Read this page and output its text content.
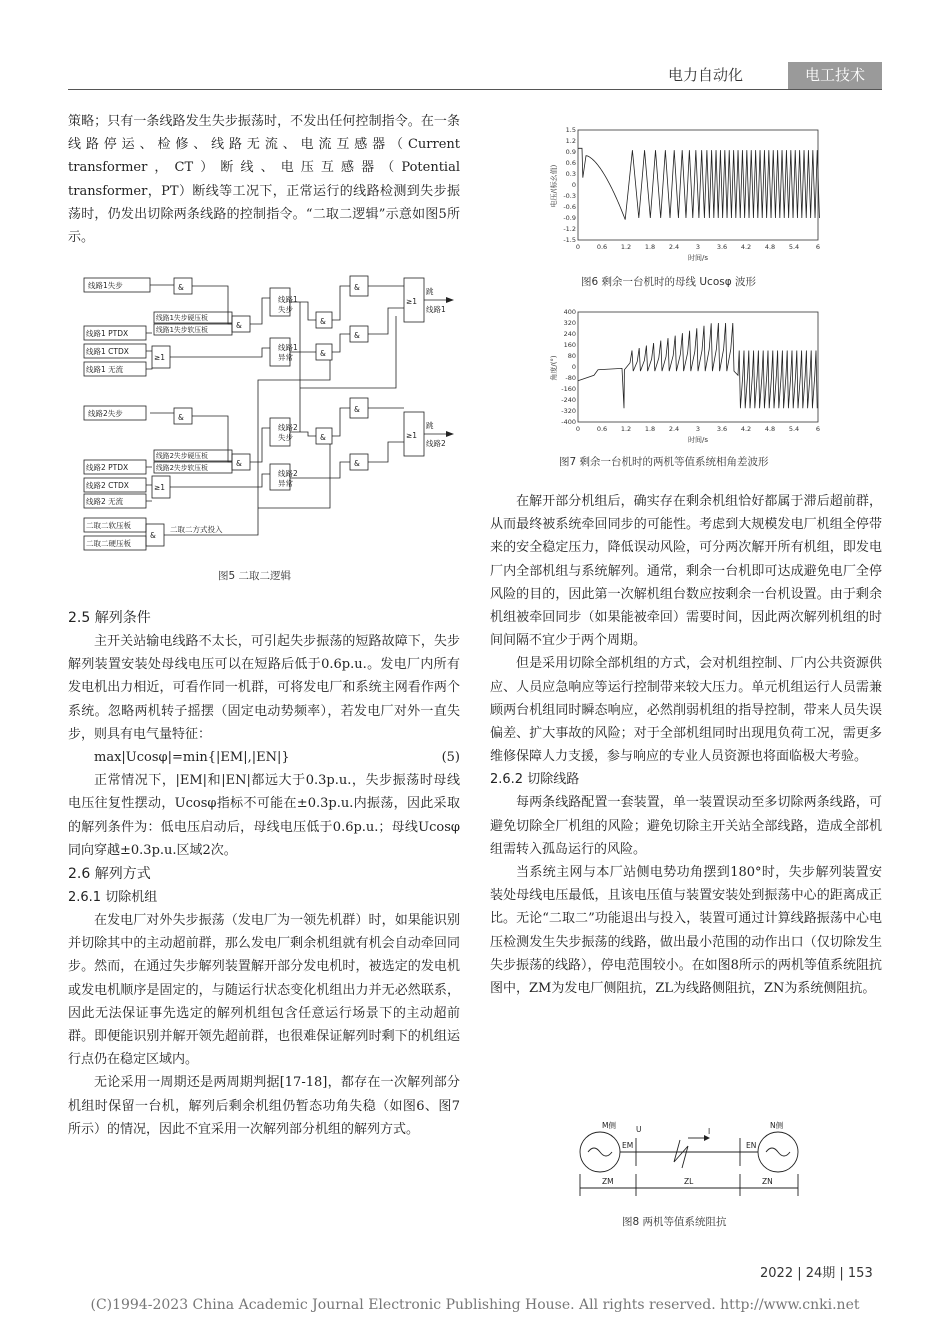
电力自动化	电工技术

策略；只有一条线路发生失步振荡时，不发出任何控制指令。在一条线路停运、检修、线路无流、电流互感器（Current transformer，CT）断线、电压互感器（Potential transformer，PT）断线等工况下，正常运行的线路检测到失步振荡时，仍发出切除两条线路的控制指令。“二取二逻辑”示意如图5所示。

线路1失步
线路1 PTDX
线路1 CTDX
线路1 无流
线路1失步硬压板
线路1失步软压板
线路1
失步
线路1
异常
跳
线路1
线路2失步
线路2 PTDX
线路2 CTDX
线路2 无流
线路2失步硬压板
线路2失步软压板
线路2
失步
线路2
异常
跳
线路2
二取二软压板
二取二硬压板
二取二方式投入
&
≥1
&	&
&
&
&
≥1
&
≥1
&
&
&
&
≥1
&
图5 二取二逻辑

2.5 解列条件

主开关站输电线路不太长，可引起失步振荡的短路故障下，失步解列装置安装处母线电压可以在短路后低于0.6p.u.。发电厂内所有发电机出力相近，可看作同一机群，可将发电厂和系统主网看作两个系统。忽略两机转子摇摆（固定电动势频率），若发电厂对外一直失步，则具有电气量特征：

max|Ucosφ|=min{|EM|,|EN|}	(5)

正常情况下，|EM|和|EN|都远大于0.3p.u.，失步振荡时母线电压往复性摆动，Ucosφ指标不可能在±0.3p.u.内振荡，因此采取的解列条件为：低电压启动后，母线电压低于0.6p.u.；母线Ucosφ同向穿越±0.3p.u.区域2次。

2.6 解列方式

2.6.1 切除机组

在发电厂对外失步振荡（发电厂为一领先机群）时，如果能识别并切除其中的主动超前群，那么发电厂剩余机组就有机会自动牵回同步。然而，在通过失步解列装置解开部分发电机时，被选定的发电机或发电机顺序是固定的，与随运行状态变化机组出力并无必然联系，因此无法保证事先选定的解列机组包含任意运行场景下的主动超前群。即便能识别并解开领先超前群，也很难保证解列时剩下的机组运行点仍在稳定区域内。

无论采用一周期还是两周期判据[17-18]，都存在一次解列部分机组时保留一台机，解列后剩余机组仍暂态功角失稳（如图6、图7所示）的情况，因此不宜采用一次解列部分机组的解列方式。

1.5
1.2
0.9
0.6
0.3
0
-0.3
-0.6
-0.9
-1.2
-1.5
0	0.6 1.2 1.8 2.4	3	3.6 4.2 4.8 5.4	6
电压/(标幺值)
时间/s
图6 剩余一台机时的母线 Ucosφ 波形
400
320
240
160
80
0
-80
-160
-240
-320
-400
0	0.6 1.2 1.8 2.4	3	3.6 4.2 4.8 5.4	6
角度/(°)
时间/s
图7 剩余一台机时的两机等值系统相角差波形

在解开部分机组后，确实存在剩余机组恰好都属于滞后超前群，从而最终被系统牵回同步的可能性。考虑到大规模发电厂机组全停带来的安全稳定压力，降低误动风险，可分两次解开所有机组，即发电厂内全部机组与系统解列。通常，剩余一台机即可达成避免电厂全停风险的目的，因此第一次解机组台数应按剩余一台机设置。由于剩余机组被牵回同步（如果能被牵回）需要时间，因此两次解列机组的时间间隔不宜少于两个周期。

但是采用切除全部机组的方式，会对机组控制、厂内公共资源供应、人员应急响应等运行控制带来较大压力。单元机组运行人员需兼顾两台机组同时瞬态响应，必然削弱机组的指导控制，带来人员失误偏差、扩大事故的风险；对于全部机组同时出现甩负荷工况，需更多维修保障人力支援，参与响应的专业人员资源也将面临极大考验。

2.6.2 切除线路

每两条线路配置一套装置，单一装置误动至多切除两条线路，可避免切除全厂机组的风险；避免切除主开关站全部线路，造成全部机组需转入孤岛运行的风险。

当系统主网与本厂站侧电势功角摆到180°时，失步解列装置安装处母线电压最低，且该电压值与装置安装处到振荡中心的距离成正比。无论“二取二”功能退出与投入，装置可通过计算线路振荡中心电压检测发生失步振荡的线路，做出最小范围的动作出口（仅切除发生失步振荡的线路），停电范围较小。在如图8所示的两机等值系统阻抗图中，ZM为发电厂侧阻抗，ZL为线路侧阻抗，ZN为系统侧阻抗。

M侧	N侧
U	I
EM	EN
ZM	ZL	ZN
图8 两机等值系统阻抗
2022 | 24期 | 153
(C)1994-2023 China Academic Journal Electronic Publishing House. All rights reserved. http://www.cnki.net
